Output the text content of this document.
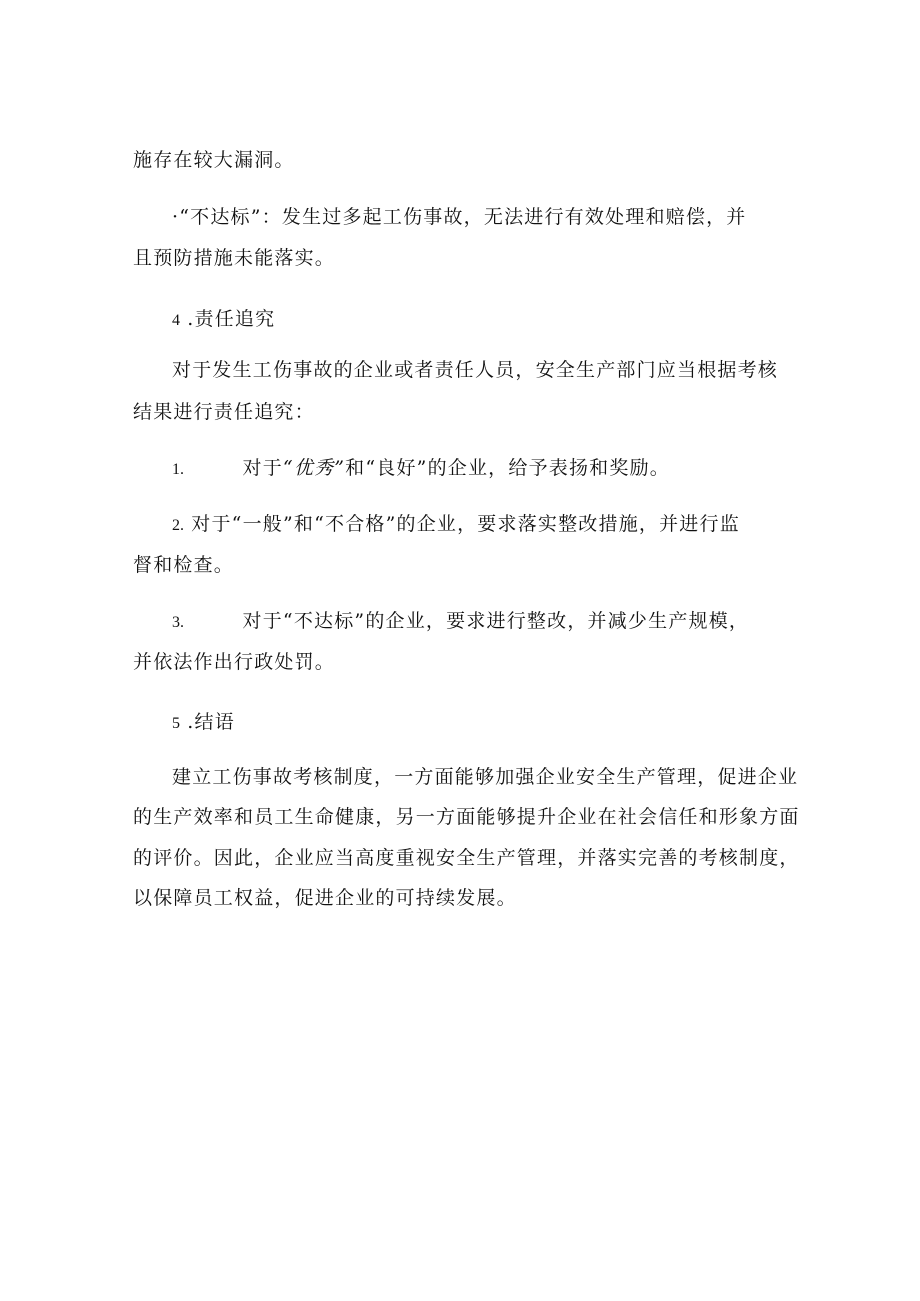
施存在较大漏洞。
·“不达标”：发生过多起工伤事故，无法进行有效处理和赔偿，并
且预防措施未能落实。
4 .责任追究
对于发生工伤事故的企业或者责任人员，安全生产部门应当根据考核
结果进行责任追究：
1.	对于“优秀”和“良好”的企业，给予表扬和奖励。
2. 对于“一般”和“不合格”的企业，要求落实整改措施，并进行监
督和检查。
3.	对于“不达标”的企业，要求进行整改，并减少生产规模，
并依法作出行政处罚。
5 .结语
建立工伤事故考核制度，一方面能够加强企业安全生产管理，促进企业
的生产效率和员工生命健康，另一方面能够提升企业在社会信任和形象方面
的评价。因此，企业应当高度重视安全生产管理，并落实完善的考核制度，
以保障员工权益，促进企业的可持续发展。
